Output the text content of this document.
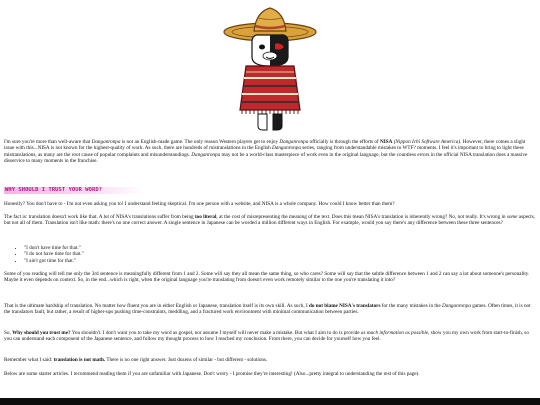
I'm sure you're more than well-aware that Danganronpa is not an English-made game. The only reason Western players get to enjoy Danganronpa officially is through the efforts of NISA (Nippon Ichi Software America). However, there comes a slight issue with this...NISA is not known for the highest-quality of work. As such, there are hundreds of mistranslations in the English Danganronpa series, ranging from understandable mistakes to WTF? moments. I feel it's important to bring to light these mistranslations, as many are the root cause of popular complaints and misunderstandings. Danganronpa may not be a world-class masterpiece of work even in the original language, but the countless errors in the official NISA translation does a massive disservice to many moments in the franchise.

WHY SHOULD I TRUST YOUR WORD?

Honestly? You don't have to - I'm not even asking you to! I understand feeling skeptical. I'm one person with a website, and NISA is a whole company. How could I know better than them?

The fact is: translation doesn't work like that. A lot of NISA's translations suffer from being too literal, at the cost of misrepresenting the meaning of the text. Does this mean NISA's translation is inherently wrong? No, not really. It's wrong in some aspects, but not all of them. Translation isn't like math: there's no one correct answer. A single sentence in Japanese can be worded a million different ways in English. For example, would you say there's any difference between these three sentences?

• "I don't have time for that."
• "I do not have time for that."
• "I ain't got time for that."

Some of you reading will tell me only the 3rd sentence is meaningfully different from 1 and 2. Some will say they all mean the same thing, so who cares? Some will say that the subtle difference between 1 and 2 can say a lot about someone's personality. Maybe it even depends on context. So, in the end...which is right, when the original language you're translating from doesn't even work remotely similar to the one you're translating it into?

That is the ultimate hardship of translation. No matter how fluent you are in either English or Japanese, translation itself is its own skill. As such, I do not blame NISA's translators for the many mistakes in the Danganronpa games. Often times, it is not the translators fault, but rather, a result of higher-ups pushing time-constraints, meddling, and a fractured work environment with minimal communication between parties.

So, Why should you trust me? You shouldn't. I don't want you to take my word as gospel, nor assume I myself will never make a mistake. But what I aim to do is provide as much information as possible, show you my own work from start-to-finish, so you can understand each component of the Japanese sentence, and follow my thought process to how I reached my conclusion. From there, you can decide for yourself how you feel.

Remember what I said: translation is not math. There is no one right answer. Just dozens of similar - but different - solutions.

Below are some starter articles. I recommend reading them if you are unfamiliar with Japanese. Don't worry - I promise they're interesting! (Also...pretty integral to understanding the rest of this page).
